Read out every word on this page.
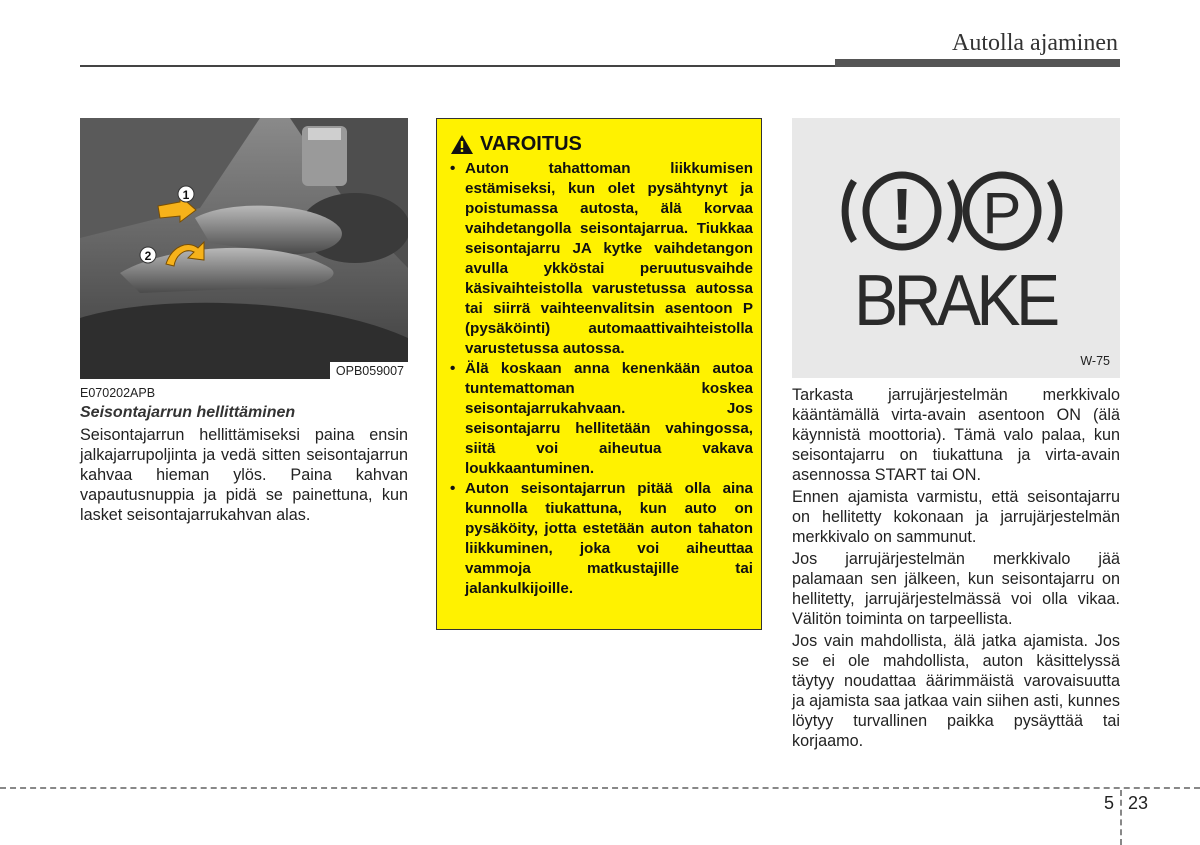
Autolla ajaminen
1
2
OPB059007
E070202APB
Seisontajarrun hellittäminen
Seisontajarrun hellittämiseksi paina ensin jalkajarrupoljinta ja vedä sitten seisontajarrun kahvaa hieman ylös. Paina kahvan vapautusnuppia ja pidä se painettuna, kun lasket seisontajarrukahvan alas.
VAROITUS
• Auton tahattoman liikkumisen estämiseksi, kun olet pysähtynyt ja poistumassa autosta, älä korvaa vaihdetangolla seisontajarrua. Tiukkaa seisontajarru JA kytke vaihdetangon avulla ykköstai peruutusvaihde käsivaihteistolla varustetussa autossa tai siirrä vaihteenvalitsin asentoon P (pysäköinti) automaattivaihteistolla varustetussa autossa.
• Älä koskaan anna kenenkään autoa tuntemattoman koskea seisontajarrukahvaan. Jos seisontajarru hellitetään vahingossa, siitä voi aiheutua vakava loukkaantuminen.
• Auton seisontajarrun pitää olla aina kunnolla tiukattuna, kun auto on pysäköity, jotta estetään auton tahaton liikkuminen, joka voi aiheuttaa vammoja matkustajille tai jalankulkijoille.
! P
BRAKE
W-75

Tarkasta jarrujärjestelmän merkkivalo kääntämällä virta-avain asentoon ON (älä käynnistä moottoria). Tämä valo palaa, kun seisontajarru on tiukattuna ja virta-avain asennossa START tai ON.

Ennen ajamista varmistu, että seisontajarru on hellitetty kokonaan ja jarrujärjestelmän merkkivalo on sammunut.

Jos jarrujärjestelmän merkkivalo jää palamaan sen jälkeen, kun seisontajarru on hellitetty, jarrujärjestelmässä voi olla vikaa. Välitön toiminta on tarpeellista.

Jos vain mahdollista, älä jatka ajamista. Jos se ei ole mahdollista, auton käsittelyssä täytyy noudattaa äärimmäistä varovaisuutta ja ajamista saa jatkaa vain siihen asti, kunnes löytyy turvallinen paikka pysäyttää tai korjaamo.

5 23
